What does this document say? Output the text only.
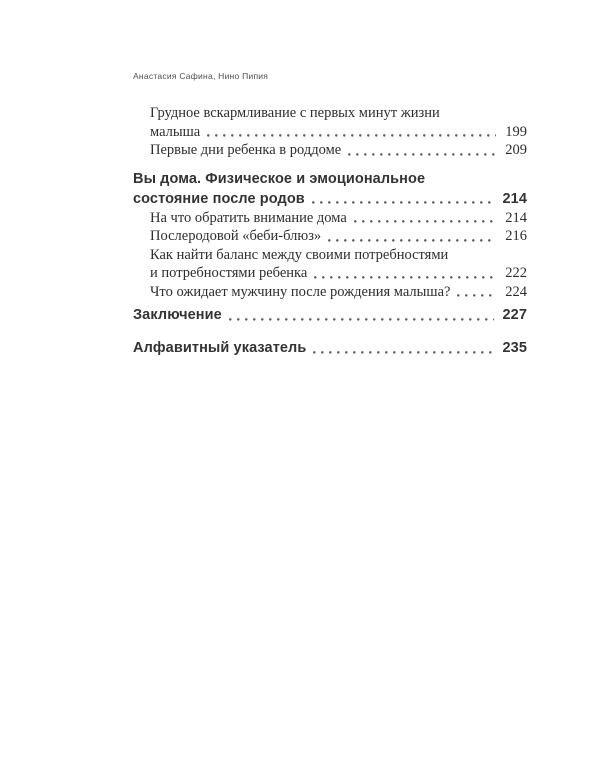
Анастасия Сафина, Нино Пипия
Грудное вскармливание с первых минут жизни
малыша	199
Первые дни ребенка в роддоме	209
Вы дома. Физическое и эмоциональное
состояние после родов	214
На что обратить внимание дома	214
Послеродовой «беби-блюз»	216
Как найти баланс между своими потребностями
и потребностями ребенка	222
Что ожидает мужчину после рождения малыша?	224
Заключение	227
Алфавитный указатель	235
